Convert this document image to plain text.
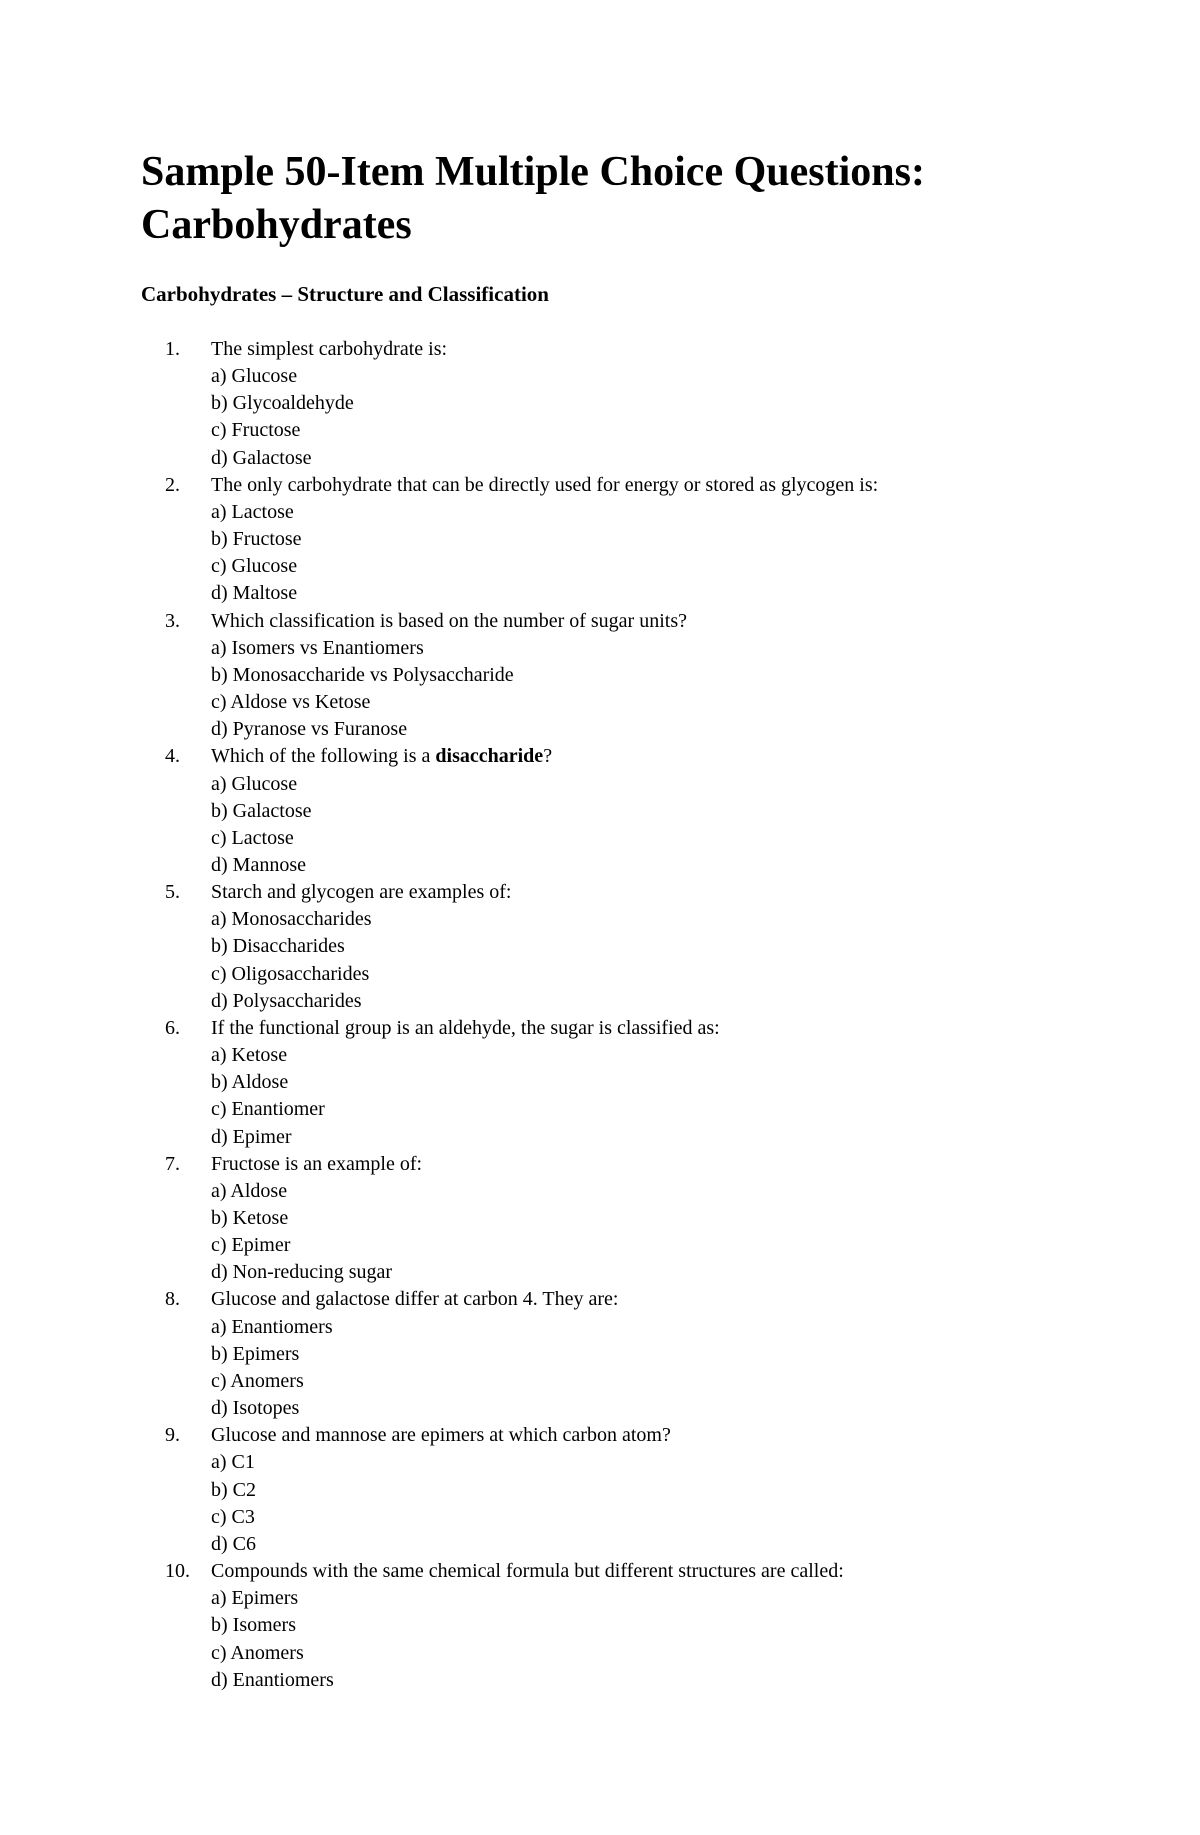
Sample 50-Item Multiple Choice Questions: Carbohydrates
Carbohydrates – Structure and Classification
1.	The simplest carbohydrate is:
a) Glucose
b) Glycoaldehyde
c) Fructose
d) Galactose
2.	The only carbohydrate that can be directly used for energy or stored as glycogen is:
a) Lactose
b) Fructose
c) Glucose
d) Maltose
3.	Which classification is based on the number of sugar units?
a) Isomers vs Enantiomers
b) Monosaccharide vs Polysaccharide
c) Aldose vs Ketose
d) Pyranose vs Furanose
4.	Which of the following is a disaccharide?
a) Glucose
b) Galactose
c) Lactose
d) Mannose
5.	Starch and glycogen are examples of:
a) Monosaccharides
b) Disaccharides
c) Oligosaccharides
d) Polysaccharides
6.	If the functional group is an aldehyde, the sugar is classified as:
a) Ketose
b) Aldose
c) Enantiomer
d) Epimer
7.	Fructose is an example of:
a) Aldose
b) Ketose
c) Epimer
d) Non-reducing sugar
8.	Glucose and galactose differ at carbon 4. They are:
a) Enantiomers
b) Epimers
c) Anomers
d) Isotopes
9.	Glucose and mannose are epimers at which carbon atom?
a) C1
b) C2
c) C3
d) C6
10.	Compounds with the same chemical formula but different structures are called:
a) Epimers
b) Isomers
c) Anomers
d) Enantiomers
